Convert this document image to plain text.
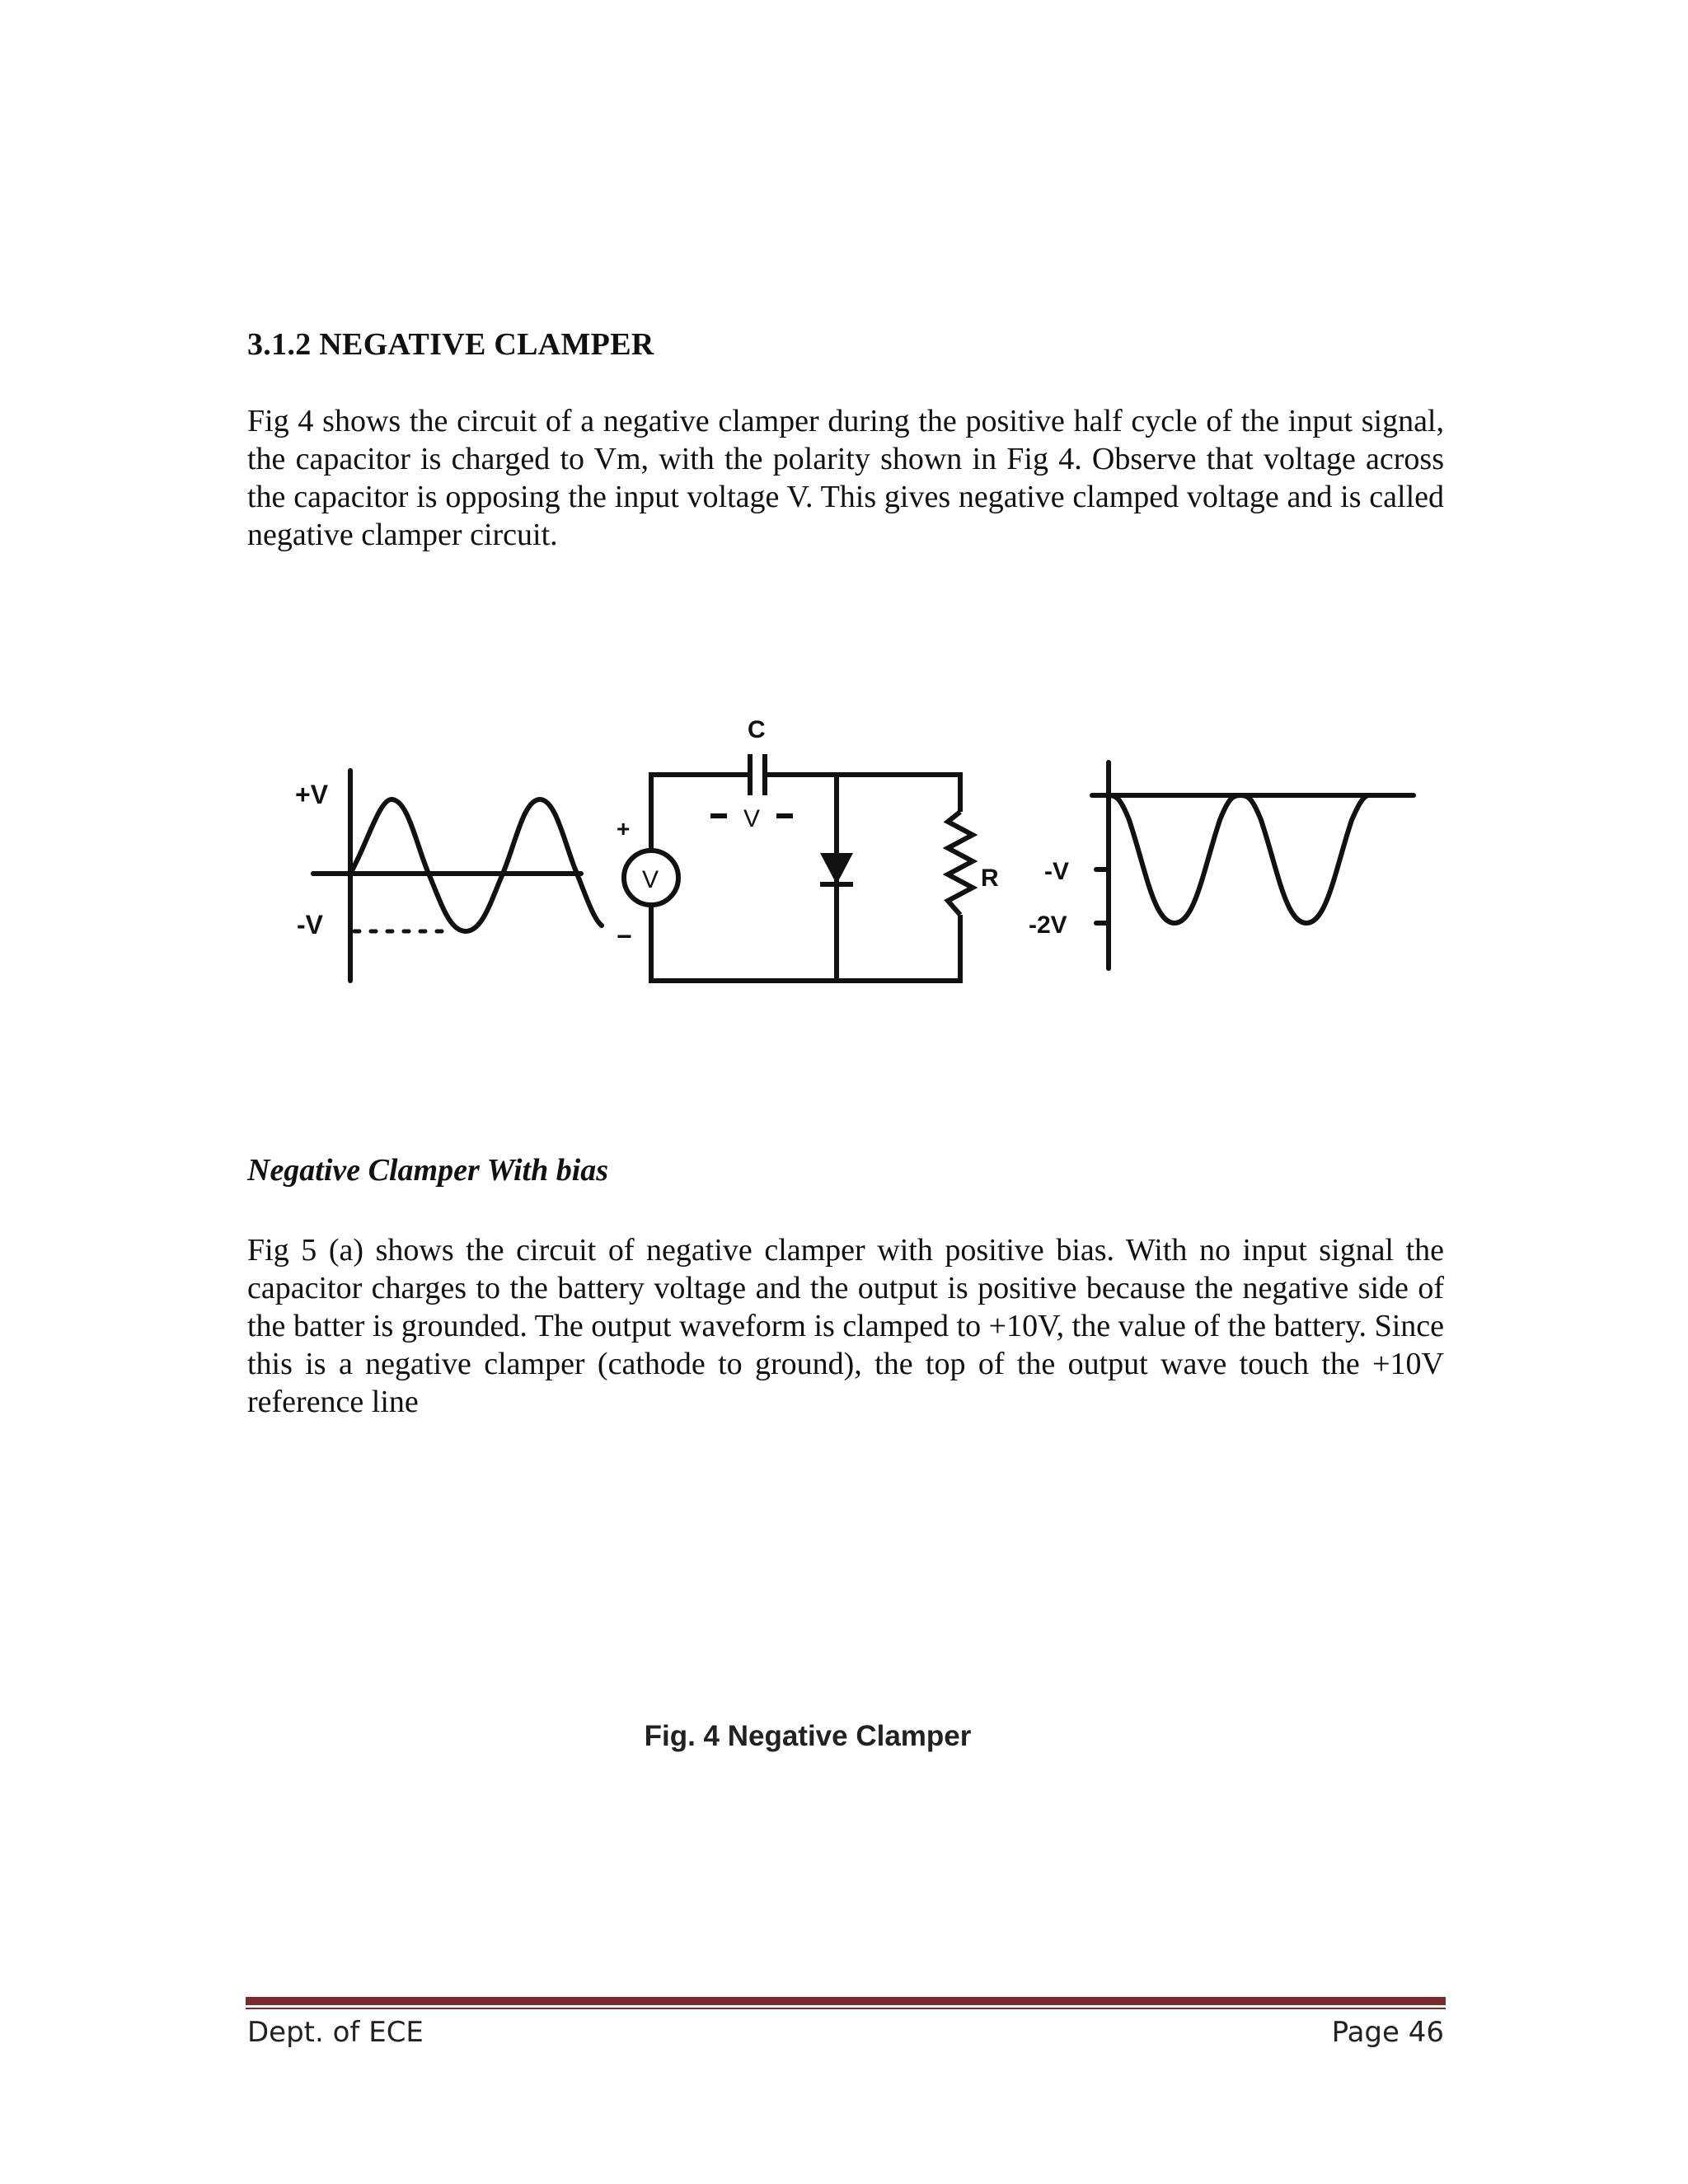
3.1.2 NEGATIVE CLAMPER
Fig 4 shows the circuit of a negative clamper during the positive half cycle of the input signal, the capacitor is charged to Vm, with the polarity shown in Fig 4. Observe that voltage across the capacitor is opposing the input voltage V. This gives negative clamped voltage and is called negative clamper circuit.
+V
-V
C
V
V
+
−
R -V
-2V
Fig. 4 Negative Clamper
Negative Clamper With bias
Fig 5 (a) shows the circuit of negative clamper with positive bias. With no input signal the capacitor charges to the battery voltage and the output is positive because the negative side of the batter is grounded. The output waveform is clamped to +10V, the value of the battery. Since this is a negative clamper (cathode to ground), the top of the output wave touch the +10V reference line
Dept. of ECE	Page 46
